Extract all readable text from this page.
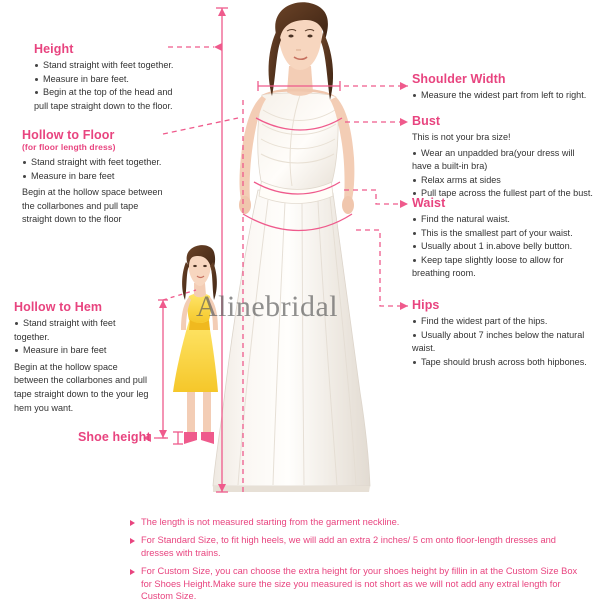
Alinebridal
Height
Stand straight with feet together.
Measure in bare feet.
Begin at the top of the head and
pull tape straight down to the floor.
Hollow to Floor
(for floor length dress)
Stand straight with feet together.
Measure in bare feet
Begin at the hollow space between
the collarbones and pull tape
straight down to the floor
Hollow to Hem
Stand straight with feet
together.
Measure in bare feet
Begin at the hollow space
between the collarbones and pull
tape straight down to the your leg
hem you want.
Shoe height
Shoulder Width
Measure the widest part from left to right.
Bust
This is not your bra size!
Wear an unpadded bra(your dress will
have a built-in bra)
Relax arms at sides
Pull tape across the fullest part of the bust.
Waist
Find the natural waist.
This is the smallest part of your waist.
Usually about 1 in.above belly button.
Keep tape slightly loose to allow for
breathing room.
Hips
Find the widest part of the hips.
Usually about 7 inches below the natural
waist.
Tape should brush across both hipbones.
The length is not measured starting from the garment neckline.
For Standard Size, to fit high heels, we will add an extra 2 inches/ 5 cm onto floor-length dresses and dresses with trains.
For Custom Size, you can choose the extra height for your shoes height by fillin in at the Custom Size Box for Shoes Height.Make sure the size you measured is not short as we will not add any extral length for Custom Size.
